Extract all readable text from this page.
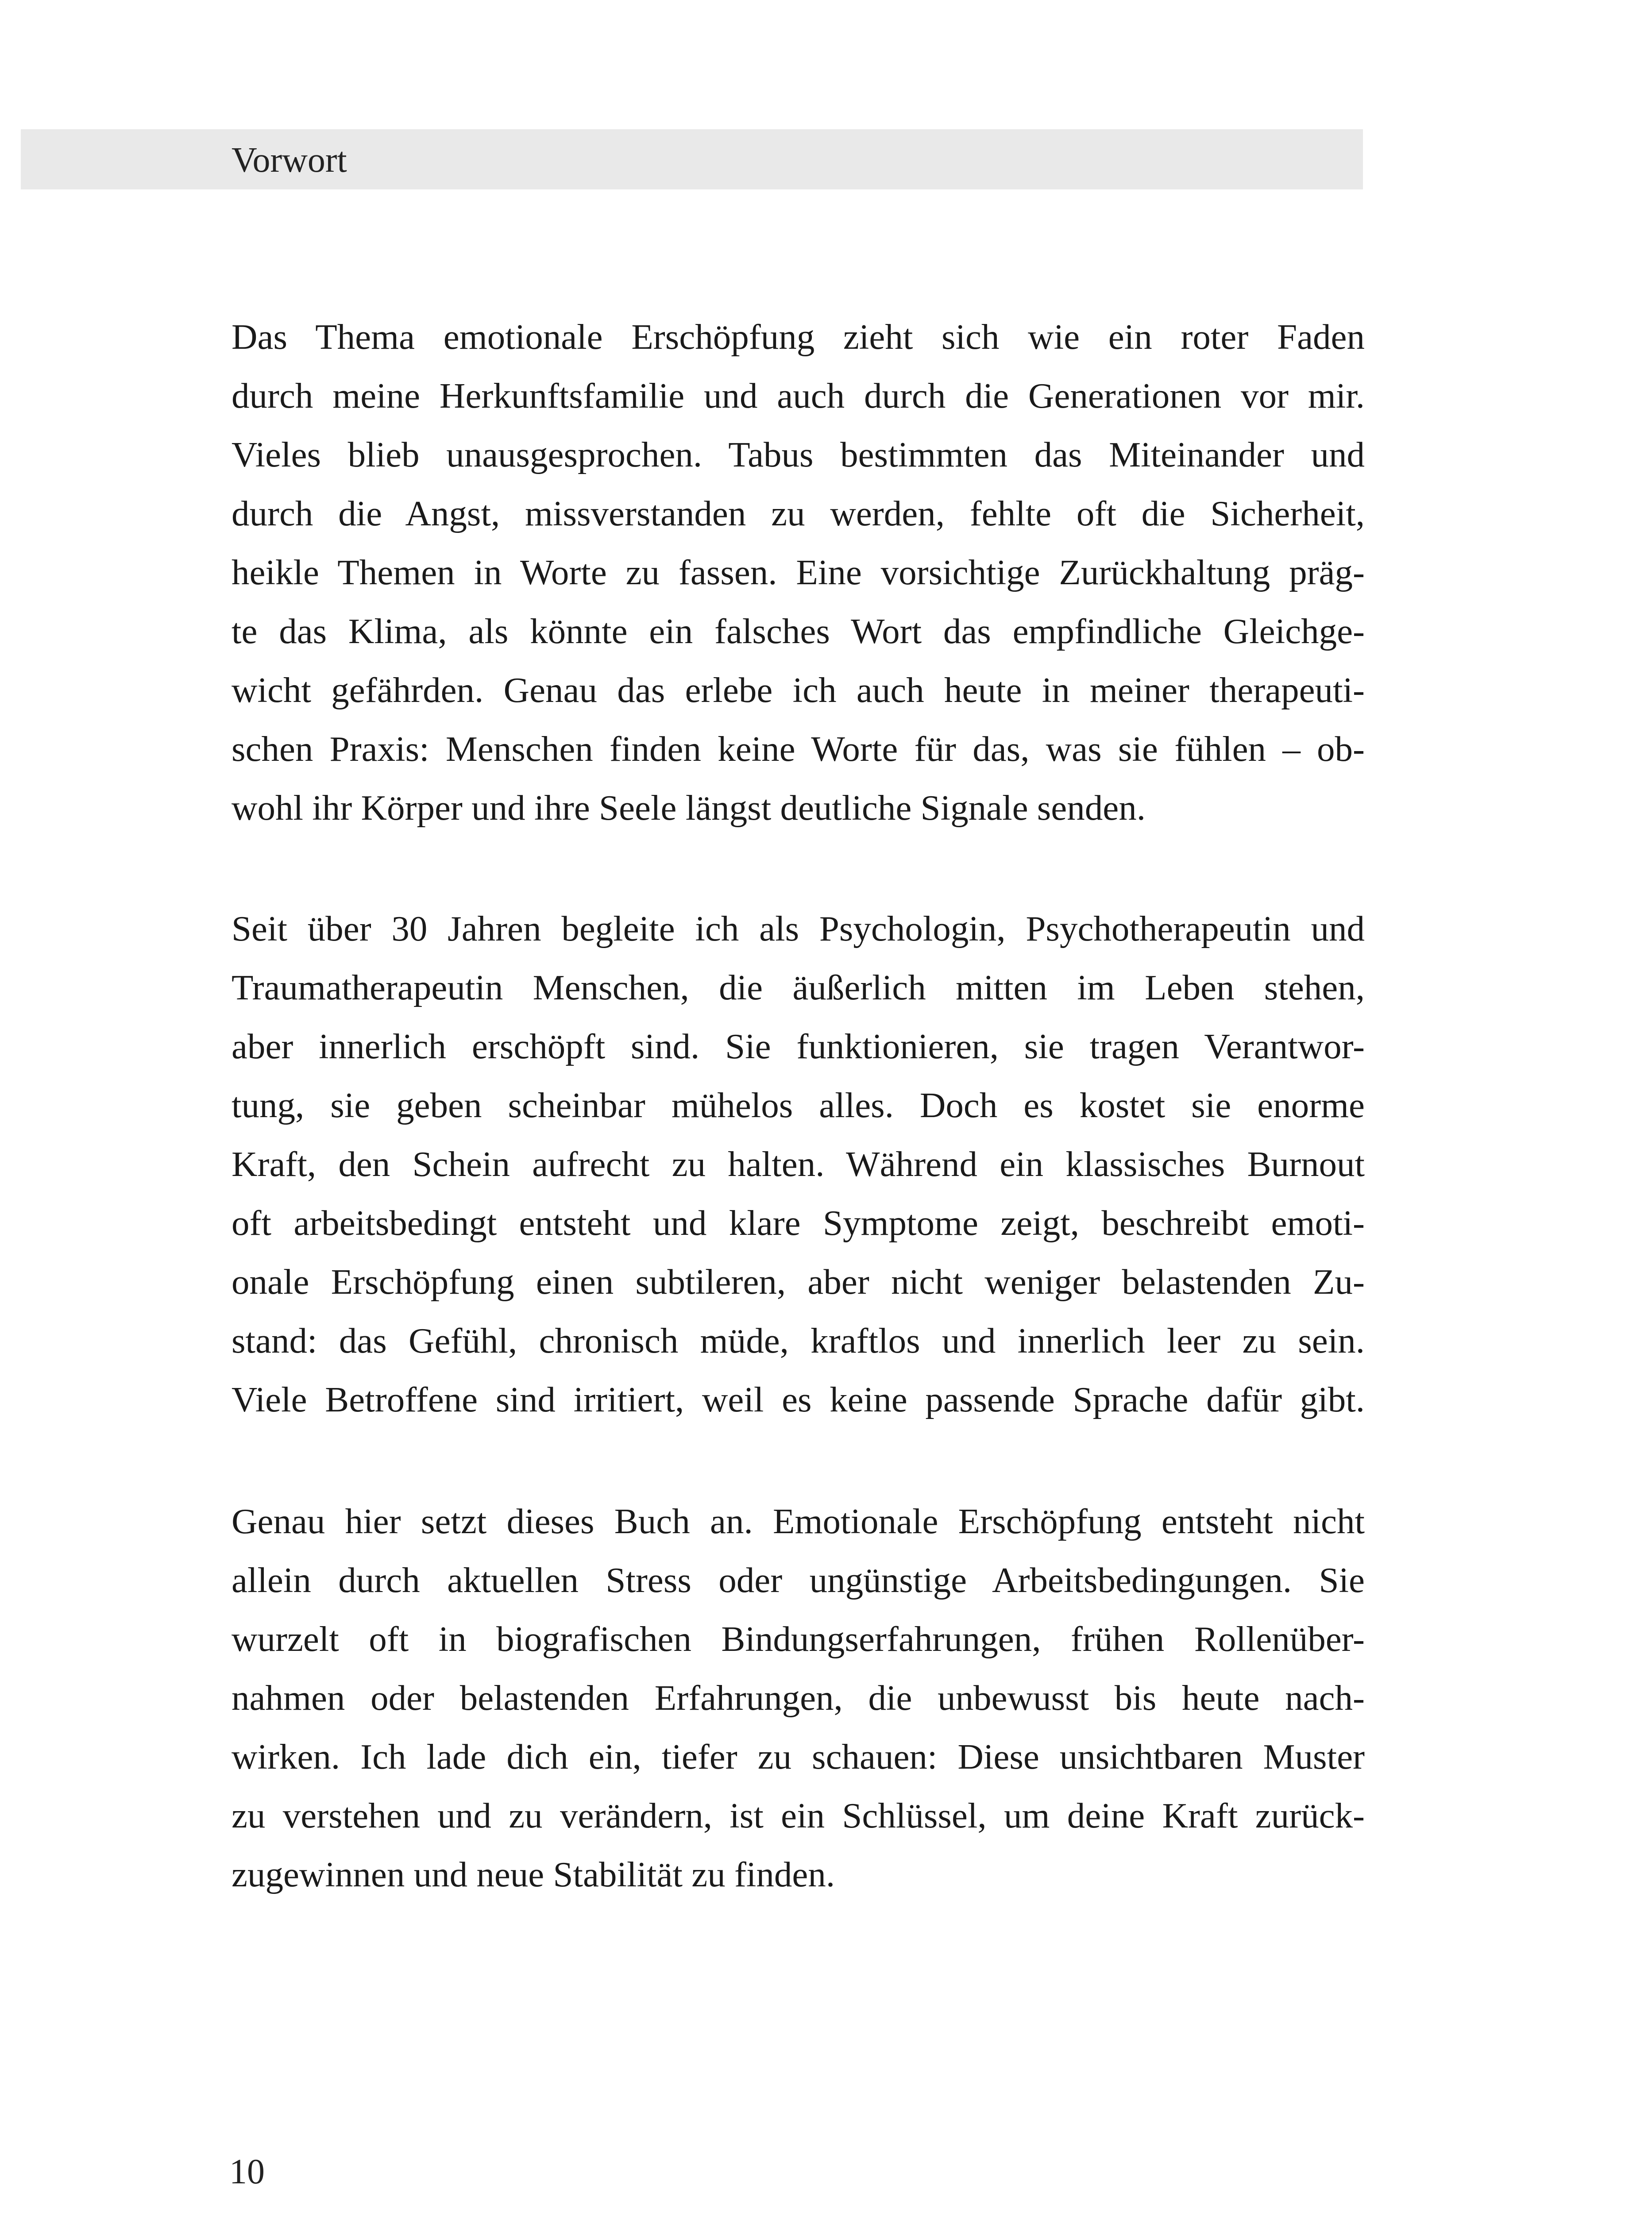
Vorwort
Das Thema emotionale Erschöpfung zieht sich wie ein roter Faden
durch meine Herkunftsfamilie und auch durch die Generationen vor mir.
Vieles blieb unausgesprochen. Tabus bestimmten das Miteinander und
durch die Angst, missverstanden zu werden, fehlte oft die Sicherheit,
heikle Themen in Worte zu fassen. Eine vorsichtige Zurückhaltung präg-
te das Klima, als könnte ein falsches Wort das empfindliche Gleichge-
wicht gefährden. Genau das erlebe ich auch heute in meiner therapeuti-
schen Praxis: Menschen finden keine Worte für das, was sie fühlen – ob-
wohl ihr Körper und ihre Seele längst deutliche Signale senden.
Seit über 30 Jahren begleite ich als Psychologin, Psychotherapeutin und
Traumatherapeutin Menschen, die äußerlich mitten im Leben stehen,
aber innerlich erschöpft sind. Sie funktionieren, sie tragen Verantwor-
tung, sie geben scheinbar mühelos alles. Doch es kostet sie enorme
Kraft, den Schein aufrecht zu halten. Während ein klassisches Burnout
oft arbeitsbedingt entsteht und klare Symptome zeigt, beschreibt emoti-
onale Erschöpfung einen subtileren, aber nicht weniger belastenden Zu-
stand: das Gefühl, chronisch müde, kraftlos und innerlich leer zu sein.
Viele Betroffene sind irritiert, weil es keine passende Sprache dafür gibt.
Genau hier setzt dieses Buch an. Emotionale Erschöpfung entsteht nicht
allein durch aktuellen Stress oder ungünstige Arbeitsbedingungen. Sie
wurzelt oft in biografischen Bindungserfahrungen, frühen Rollenüber-
nahmen oder belastenden Erfahrungen, die unbewusst bis heute nach-
wirken. Ich lade dich ein, tiefer zu schauen: Diese unsichtbaren Muster
zu verstehen und zu verändern, ist ein Schlüssel, um deine Kraft zurück-
zugewinnen und neue Stabilität zu finden.
10
